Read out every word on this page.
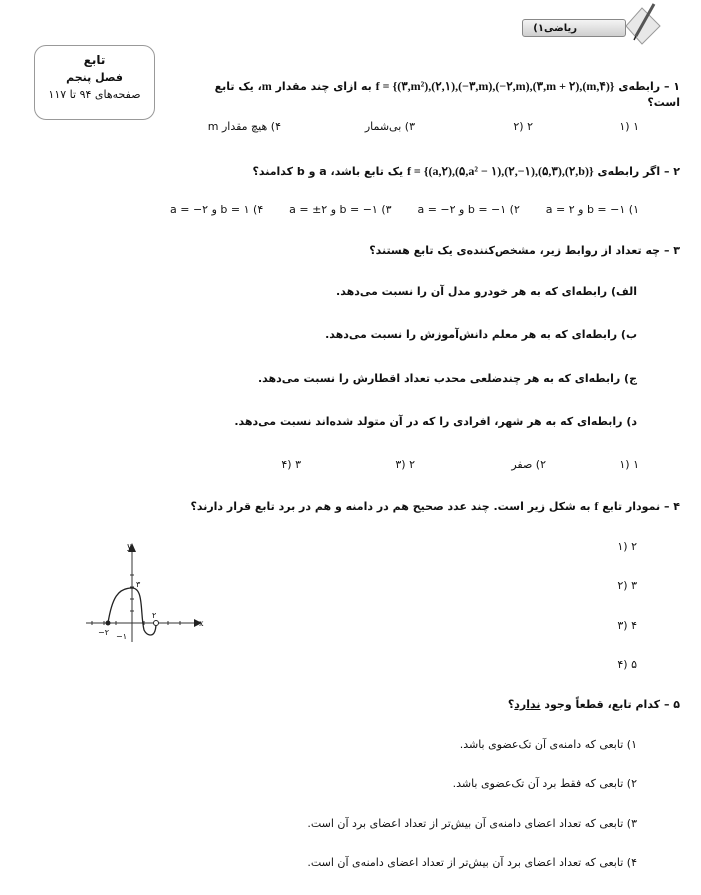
ریاضی۱)
تابع
فصل پنجم
صفحه‌های ۹۴ تا ۱۱۷
۱ – رابطه‌ی f = {(۳,m²),(۲,۱),(−۳,m),(−۲,m),(۳,m + ۲),(m,۴)} به ازای چند مقدار m، یک تابع است؟
۱ (۱
۲ (۲
۳) بی‌شمار
۴) هیچ مقدار m
۲ – اگر رابطه‌ی f = {(a,۲),(۵,a² − ۱),(۲,−۱),(۵,۳),(۲,b)} یک تابع باشد، a و b کدامند؟
۱) b = −۱ و a = ۲
۲) b = −۱ و a = −۲
۳) b = −۱ و a = ±۲
۴) b = ۱ و a = −۲
۳ – چه تعداد از روابط زیر، مشخص‌کننده‌ی یک تابع هستند؟
الف) رابطه‌ای که به هر خودرو مدل آن را نسبت می‌دهد.
ب) رابطه‌ای که به هر معلم دانش‌آموزش را نسبت می‌دهد.
ج) رابطه‌ای که به هر چندضلعی محدب تعداد اقطارش را نسبت می‌دهد.
د) رابطه‌ای که به هر شهر، افرادی را که در آن متولد شده‌اند نسبت می‌دهد.
۱ (۱
۲) صفر
۲ (۳
۳ (۴
۴ – نمودار تابع f به شکل زیر است. چند عدد صحیح هم در دامنه و هم در برد تابع قرار دارند؟
۲ (۱
۳ (۲
۴ (۳
۵ (۴
x
y
۳
−۲
۲
−۱
۵ – کدام تابع، قطعاً وجود ندارد؟
۱) تابعی که دامنه‌ی آن تک‌عضوی باشد.
۲) تابعی که فقط برد آن تک‌عضوی باشد.
۳) تابعی که تعداد اعضای دامنه‌ی آن بیش‌تر از تعداد اعضای برد آن است.
۴) تابعی که تعداد اعضای برد آن بیش‌تر از تعداد اعضای دامنه‌ی آن است.
